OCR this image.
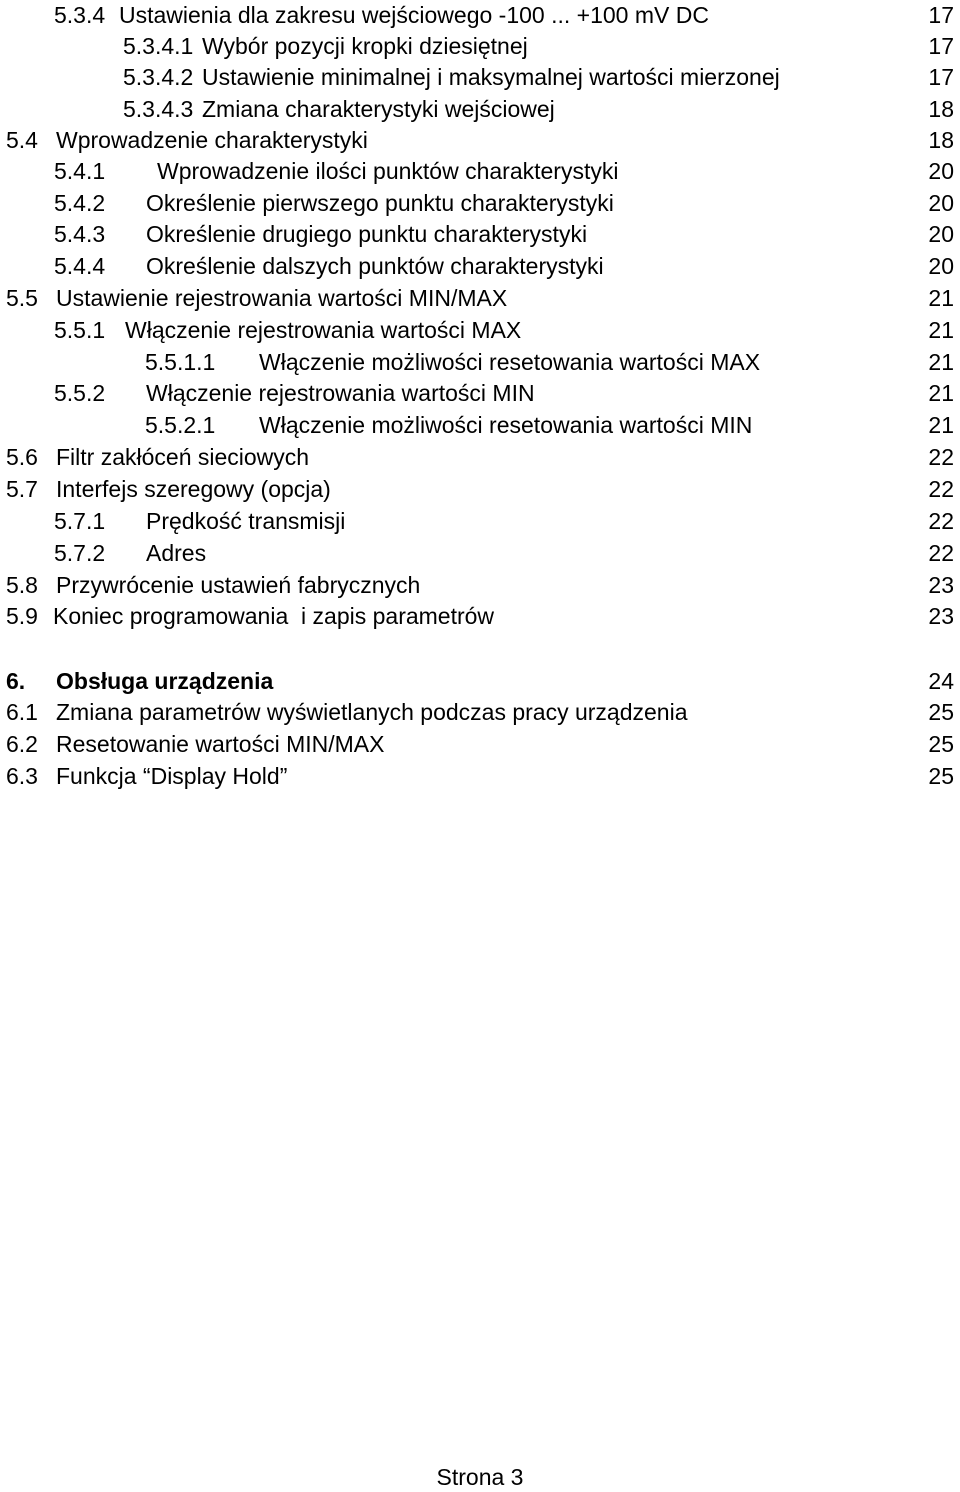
5.3.4 Ustawienia dla zakresu wejściowego -100 ... +100 mV DC	17
5.3.4.1 Wybór pozycji kropki dziesiętnej	17
5.3.4.2 Ustawienie minimalnej i maksymalnej wartości mierzonej	17
5.3.4.3 Zmiana charakterystyki wejściowej	18
5.4 Wprowadzenie charakterystyki	18
5.4.1 Wprowadzenie ilości punktów charakterystyki	20
5.4.2 Określenie pierwszego punktu charakterystyki	20
5.4.3 Określenie drugiego punktu charakterystyki	20
5.4.4 Określenie dalszych punktów charakterystyki	20
5.5 Ustawienie rejestrowania wartości MIN/MAX	21
5.5.1 Włączenie rejestrowania wartości MAX	21
5.5.1.1 Włączenie możliwości resetowania wartości MAX	21
5.5.2 Włączenie rejestrowania wartości MIN	21
5.5.2.1 Włączenie możliwości resetowania wartości MIN	21
5.6 Filtr zakłóceń sieciowych	22
5.7 Interfejs szeregowy (opcja)	22
5.7.1 Prędkość transmisji	22
5.7.2 Adres	22
5.8 Przywrócenie ustawień fabrycznych	23
5.9 Koniec programowania  i zapis parametrów	23
6. Obsługa urządzenia	24
6.1 Zmiana parametrów wyświetlanych podczas pracy urządzenia	25
6.2 Resetowanie wartości MIN/MAX	25
6.3 Funkcja “Display Hold”	25
Strona 3
